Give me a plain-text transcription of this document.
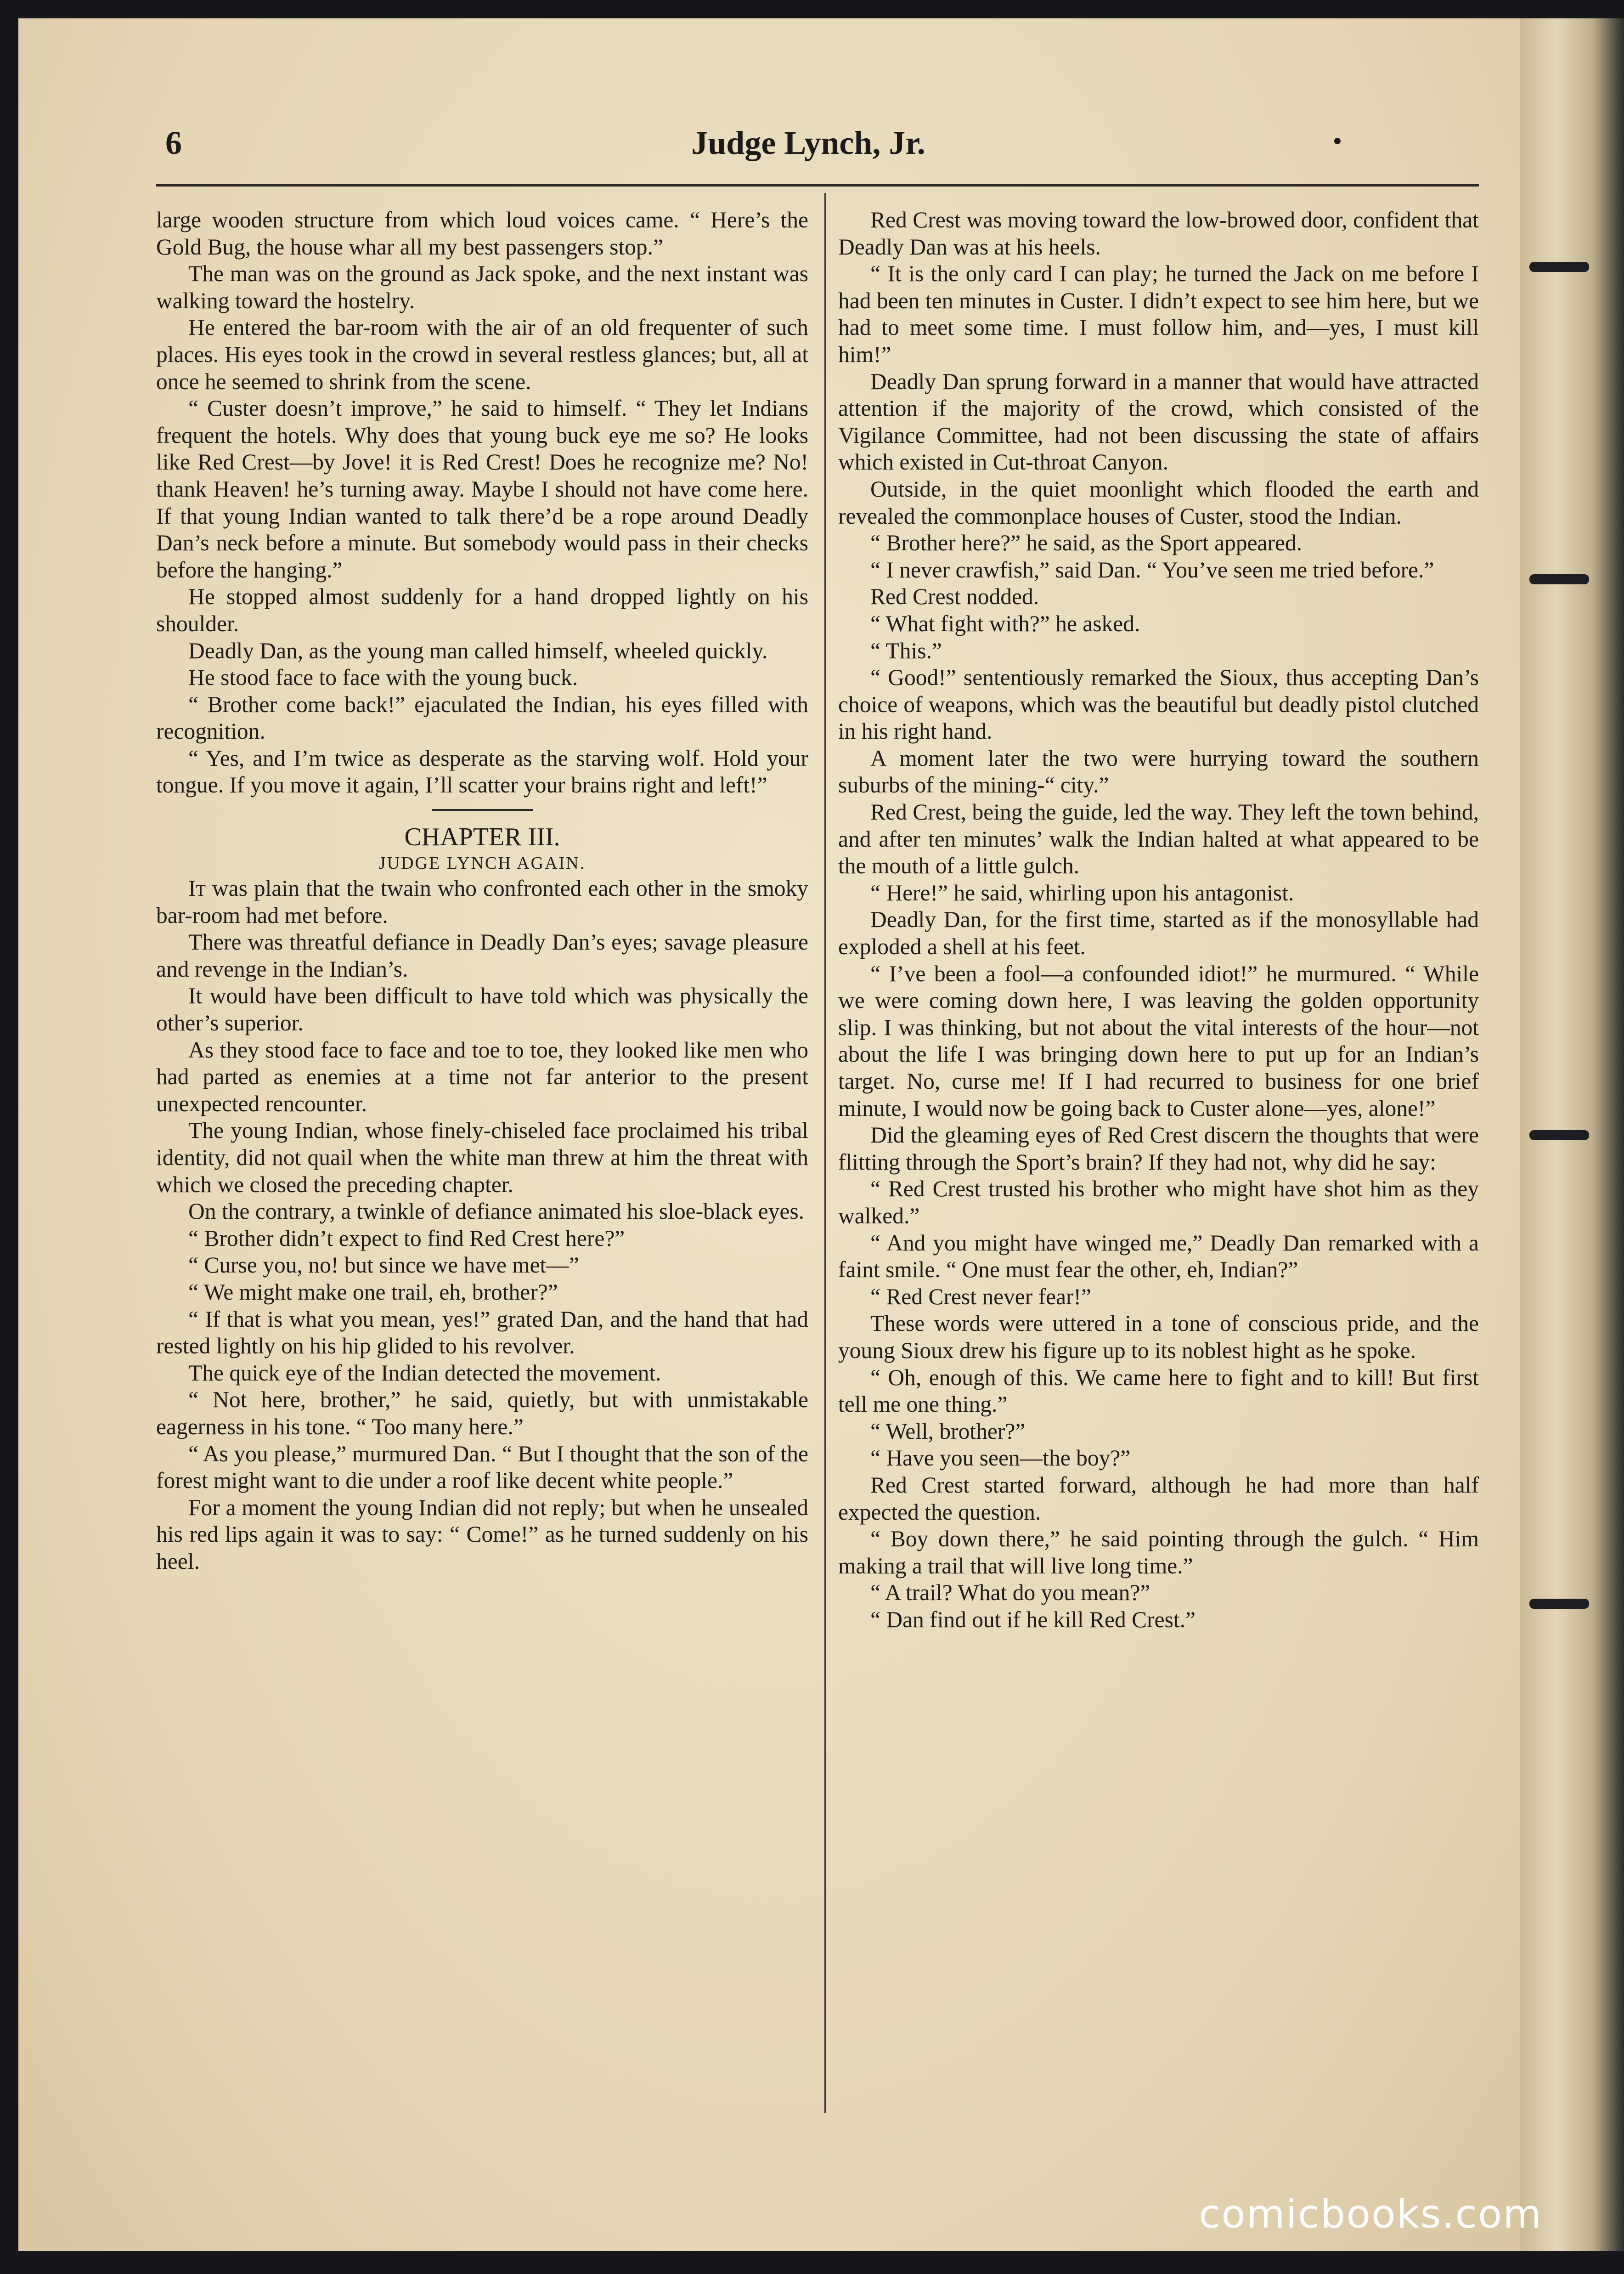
6	Judge Lynch, Jr.

large wooden structure from which loud voices came. “ Here’s the Gold Bug, the house whar all my best passengers stop.”

The man was on the ground as Jack spoke, and the next instant was walking toward the hostelry.

He entered the bar-room with the air of an old frequenter of such places. His eyes took in the crowd in several restless glances; but, all at once he seemed to shrink from the scene.

“ Custer doesn’t improve,” he said to himself. “ They let Indians frequent the hotels. Why does that young buck eye me so? He looks like Red Crest—by Jove! it is Red Crest! Does he recognize me? No! thank Heaven! he’s turning away. Maybe I should not have come here. If that young Indian wanted to talk there’d be a rope around Deadly Dan’s neck before a minute. But somebody would pass in their checks before the hanging.”

He stopped almost suddenly for a hand dropped lightly on his shoulder.

Deadly Dan, as the young man called himself, wheeled quickly.

He stood face to face with the young buck.

“ Brother come back!” ejaculated the Indian, his eyes filled with recognition.

“ Yes, and I’m twice as desperate as the starving wolf. Hold your tongue. If you move it again, I’ll scatter your brains right and left!”

CHAPTER III.

JUDGE LYNCH AGAIN.

It was plain that the twain who confronted each other in the smoky bar-room had met before.

There was threatful defiance in Deadly Dan’s eyes; savage pleasure and revenge in the Indian’s.

It would have been difficult to have told which was physically the other’s superior.

As they stood face to face and toe to toe, they looked like men who had parted as enemies at a time not far anterior to the present unexpected rencounter.

The young Indian, whose finely-chiseled face proclaimed his tribal identity, did not quail when the white man threw at him the threat with which we closed the preceding chapter.

On the contrary, a twinkle of defiance animated his sloe-black eyes.

“ Brother didn’t expect to find Red Crest here?”

“ Curse you, no! but since we have met—”

“ We might make one trail, eh, brother?”

“ If that is what you mean, yes!” grated Dan, and the hand that had rested lightly on his hip glided to his revolver.

The quick eye of the Indian detected the movement.

“ Not here, brother,” he said, quietly, but with unmistakable eagerness in his tone. “ Too many here.”

“ As you please,” murmured Dan. “ But I thought that the son of the forest might want to die under a roof like decent white people.”

For a moment the young Indian did not reply; but when he unsealed his red lips again it was to say: “ Come!” as he turned suddenly on his heel.

Red Crest was moving toward the low-browed door, confident that Deadly Dan was at his heels.

“ It is the only card I can play; he turned the Jack on me before I had been ten minutes in Custer. I didn’t expect to see him here, but we had to meet some time. I must follow him, and—yes, I must kill him!”

Deadly Dan sprung forward in a manner that would have attracted attention if the majority of the crowd, which consisted of the Vigilance Committee, had not been discussing the state of affairs which existed in Cut-throat Canyon.

Outside, in the quiet moonlight which flooded the earth and revealed the commonplace houses of Custer, stood the Indian.

“ Brother here?” he said, as the Sport appeared.

“ I never crawfish,” said Dan. “ You’ve seen me tried before.”

Red Crest nodded.

“ What fight with?” he asked.

“ This.”

“ Good!” sententiously remarked the Sioux, thus accepting Dan’s choice of weapons, which was the beautiful but deadly pistol clutched in his right hand.

A moment later the two were hurrying toward the southern suburbs of the mining-“ city.”

Red Crest, being the guide, led the way. They left the town behind, and after ten minutes’ walk the Indian halted at what appeared to be the mouth of a little gulch.

“ Here!” he said, whirling upon his antagonist.

Deadly Dan, for the first time, started as if the monosyllable had exploded a shell at his feet.

“ I’ve been a fool—a confounded idiot!” he murmured. “ While we were coming down here, I was leaving the golden opportunity slip. I was thinking, but not about the vital interests of the hour—not about the life I was bringing down here to put up for an Indian’s target. No, curse me! If I had recurred to business for one brief minute, I would now be going back to Custer alone—yes, alone!”

Did the gleaming eyes of Red Crest discern the thoughts that were flitting through the Sport’s brain? If they had not, why did he say:

“ Red Crest trusted his brother who might have shot him as they walked.”

“ And you might have winged me,” Deadly Dan remarked with a faint smile. “ One must fear the other, eh, Indian?”

“ Red Crest never fear!”

These words were uttered in a tone of conscious pride, and the young Sioux drew his figure up to its noblest hight as he spoke.

“ Oh, enough of this. We came here to fight and to kill! But first tell me one thing.”

“ Well, brother?”

“ Have you seen—the boy?”

Red Crest started forward, although he had more than half expected the question.

“ Boy down there,” he said pointing through the gulch. “ Him making a trail that will live long time.”

“ A trail? What do you mean?”

“ Dan find out if he kill Red Crest.”

comicbooks.com
